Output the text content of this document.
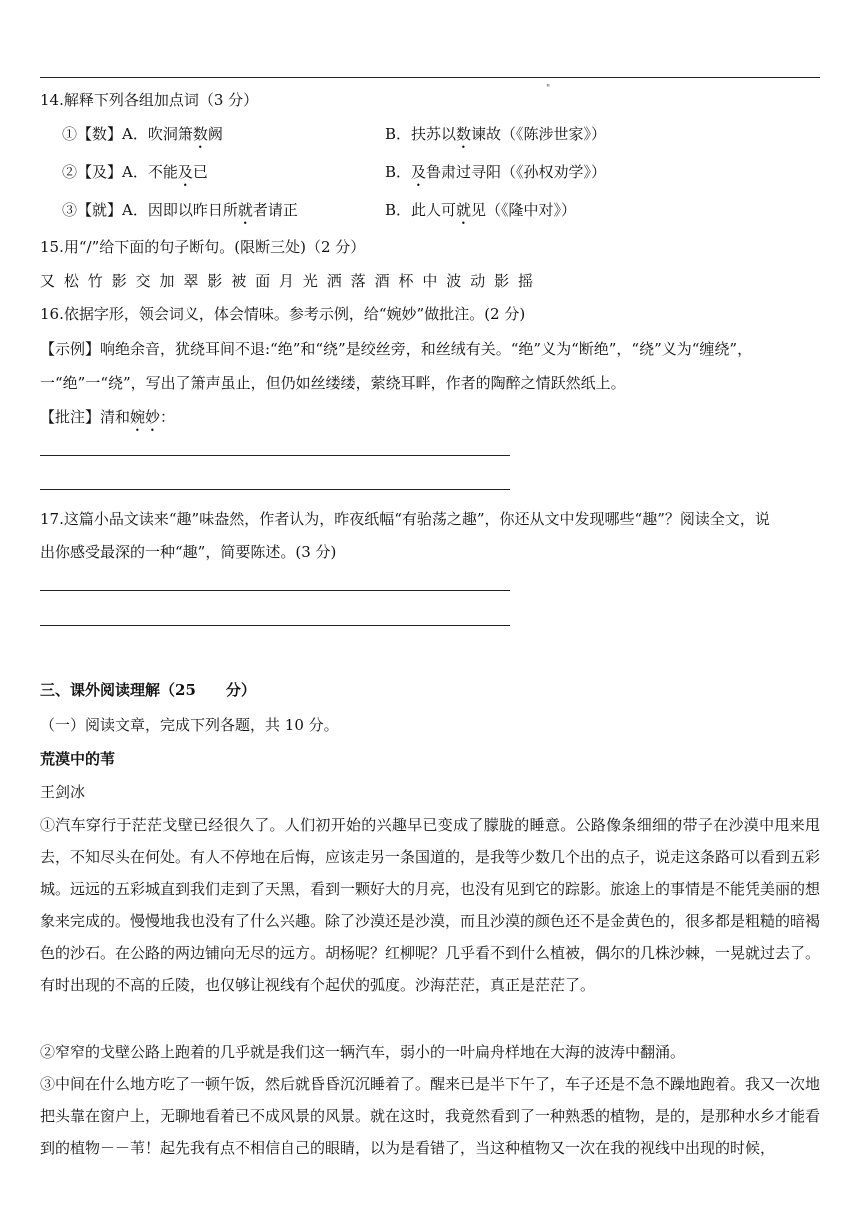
"
14.解释下列各组加点词（3 分）
①【数】A．吹洞箫数阙	B．扶苏以数谏故（《陈涉世家》）
②【及】A．不能及已	B．及鲁肃过寻阳（《孙权劝学》）
③【就】A．因即以昨日所就者请正	B．此人可就见（《隆中对》）
15.用“/”给下面的句子断句。(限断三处)（2 分）
又松竹影交加翠影被面月光洒落酒杯中波动影摇
16.依据字形，领会词义，体会情味。参考示例，给“婉妙”做批注。(2 分)
【示例】响绝余音，犹绕耳间不退:“绝”和“绕”是绞丝旁，和丝绒有关。“绝”义为“断绝”，“绕”义为“缠绕”，
一“绝”一“绕”，写出了箫声虽止，但仍如丝缕缕，萦绕耳畔，作者的陶醉之情跃然纸上。
【批注】清和婉妙：
17.这篇小品文读来“趣”味盎然，作者认为，昨夜纸幅“有骀荡之趣”，你还从文中发现哪些“趣”？阅读全文，说
出你感受最深的一种“趣”，简要陈述。(3 分)
三、课外阅读理解（25　　分）
（一）阅读文章，完成下列各题，共 10 分。
荒漠中的苇
王剑冰
①汽车穿行于茫茫戈壁已经很久了。人们初开始的兴趣早已变成了朦胧的睡意。公路像条细细的带子在沙漠中甩来甩去，不知尽头在何处。有人不停地在后悔，应该走另一条国道的，是我等少数几个出的点子，说走这条路可以看到五彩城。远远的五彩城直到我们走到了天黑，看到一颗好大的月亮，也没有见到它的踪影。旅途上的事情是不能凭美丽的想象来完成的。慢慢地我也没有了什么兴趣。除了沙漠还是沙漠，而且沙漠的颜色还不是金黄色的，很多都是粗糙的暗褐色的沙石。在公路的两边铺向无尽的远方。胡杨呢？红柳呢？几乎看不到什么植被，偶尔的几株沙棘，一晃就过去了。有时出现的不高的丘陵，也仅够让视线有个起伏的弧度。沙海茫茫，真正是茫茫了。
②窄窄的戈壁公路上跑着的几乎就是我们这一辆汽车，弱小的一叶扁舟样地在大海的波涛中翻涌。
③中间在什么地方吃了一顿午饭，然后就昏昏沉沉睡着了。醒来已是半下午了，车子还是不急不躁地跑着。我又一次地把头靠在窗户上，无聊地看着已不成风景的风景。就在这时，我竟然看到了一种熟悉的植物，是的，是那种水乡才能看到的植物－－苇！起先我有点不相信自己的眼睛，以为是看错了，当这种植物又一次在我的视线中出现的时候，
